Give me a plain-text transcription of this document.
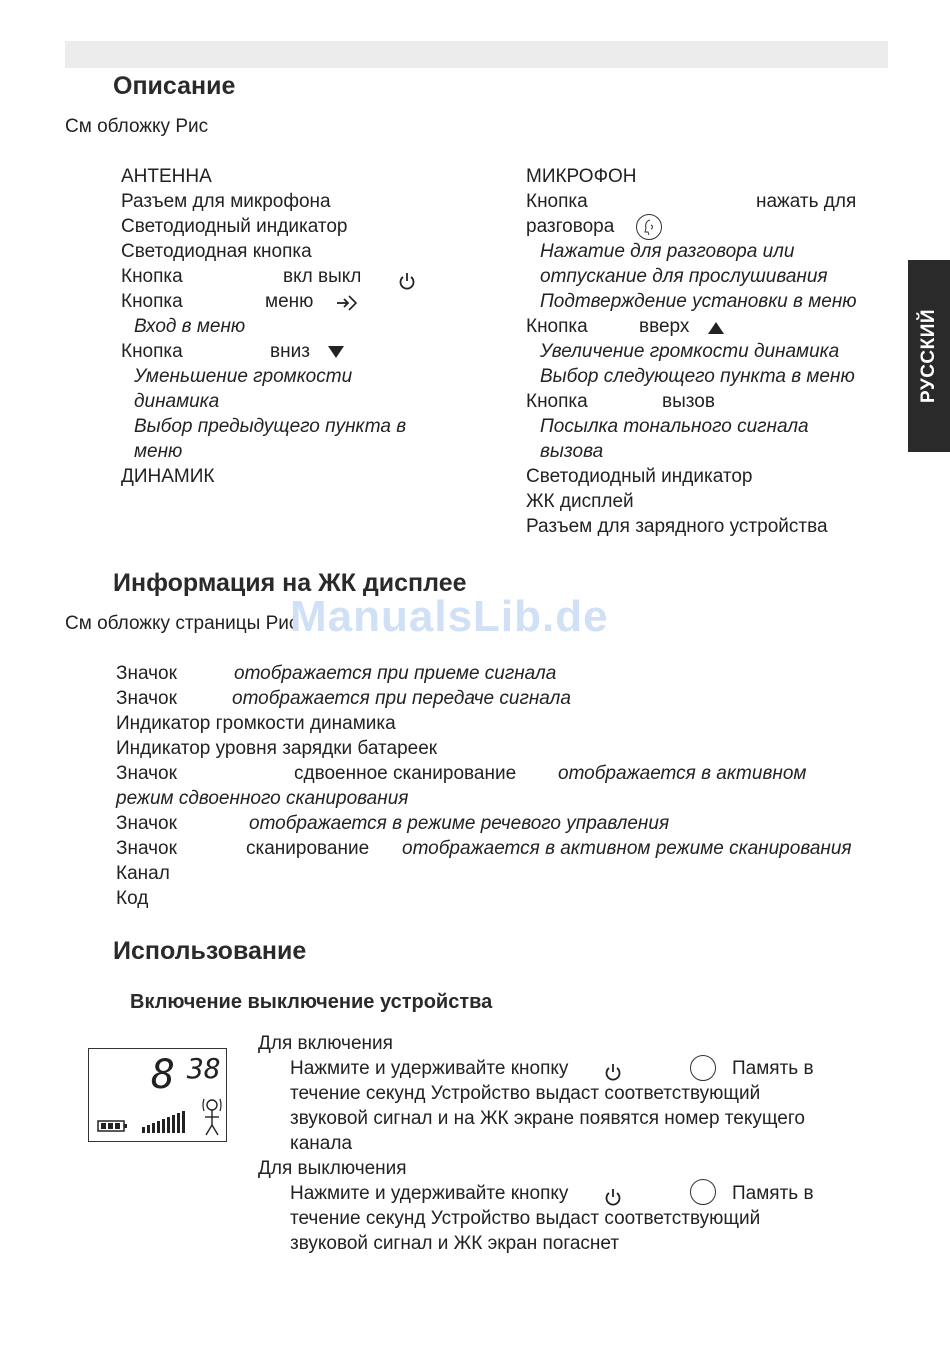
РУССКИЙ
Описание
См обложку Рис
АНТЕННА
Разъем для микрофона
Светодиодный индикатор
Светодиодная кнопка
Кнопка	вкл выкл
Кнопка	меню
Вход в меню
Кнопка	вниз
Уменьшение громкости
динамика
Выбор предыдущего пункта в
меню
ДИНАМИК
МИКРОФОН
Кнопка	нажать для
разговора
Нажатие для разговора или
отпускание для прослушивания
Подтверждение установки в меню
Кнопка	вверх
Увеличение громкости динамика
Выбор следующего пункта в меню
Кнопка	вызов
Посылка тонального сигнала
вызова
Светодиодный индикатор
ЖК дисплей
Разъем для зарядного устройства
Информация на ЖК дисплее
См обложку страницы Рис
ManualsLib.de
Значок	отображается при приеме сигнала
Значок	отображается при передаче сигнала
Индикатор громкости динамика
Индикатор уровня зарядки батареек
Значок	сдвоенное сканирование отображается в активном
режим сдвоенного сканирования
Значок	отображается в режиме речевого управления
Значок	сканирование отображается в активном режиме сканирования
Канал
Код
Использование
Включение выключение устройства
8 38
Для включения
Нажмите и удерживайте кнопку	Память в
течение секунд Устройство выдаст соответствующий
звуковой сигнал и на ЖК экране появятся номер текущего
канала
Для выключения
Нажмите и удерживайте кнопку	Память в
течение секунд Устройство выдаст соответствующий
звуковой сигнал и ЖК экран погаснет
